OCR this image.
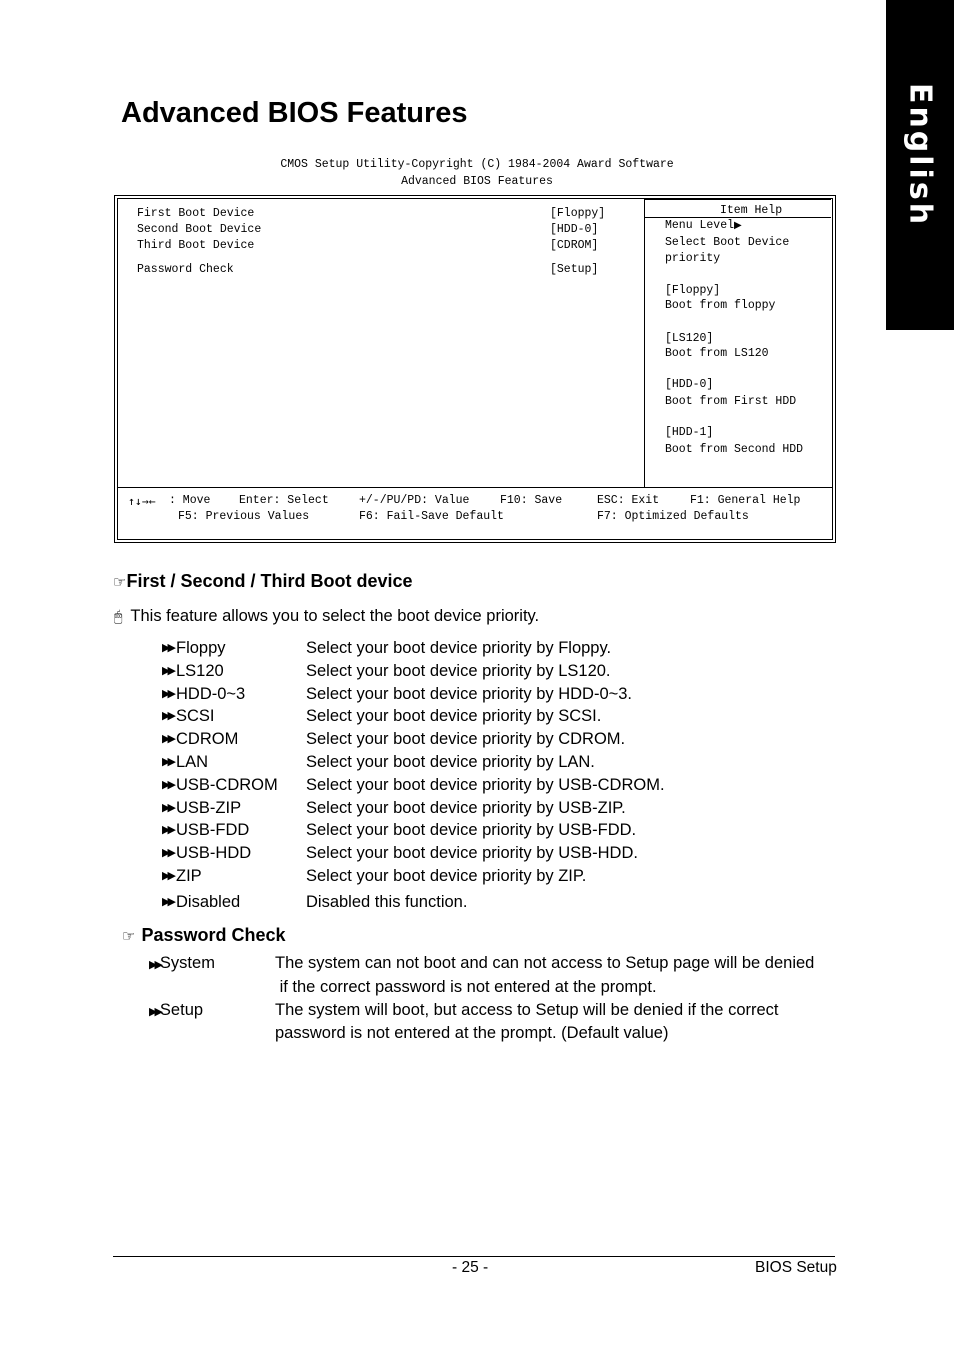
English
Advanced BIOS Features
CMOS Setup Utility-Copyright (C) 1984-2004 Award Software
Advanced BIOS Features
First Boot Device	[Floppy]
Second Boot Device	[HDD-0]
Third Boot Device	[CDROM]
Password Check	[Setup]
Item Help
Menu Level▶
Select Boot Device
priority
[Floppy]
Boot from floppy
[LS120]
Boot from LS120
[HDD-0]
Boot from First HDD
[HDD-1]
Boot from Second HDD
↑↓→← : Move Enter: Select	+/-/PU/PD: Value	F10: Save	ESC: Exit	F1: General Help
F5: Previous Values	F6: Fail-Save Default	F7: Optimized Defaults
☞First / Second / Third Boot device
🖱 This feature allows you to select the boot device priority.
▶▶ Floppy	Select your boot device priority by Floppy.
▶▶ LS120	Select your boot device priority by LS120.
▶▶ HDD-0~3	Select your boot device priority by HDD-0~3.
▶▶ SCSI	Select your boot device priority by SCSI.
▶▶ CDROM	Select your boot device priority by CDROM.
▶▶ LAN	Select your boot device priority by LAN.
▶▶ USB-CDROM	Select your boot device priority by USB-CDROM.
▶▶ USB-ZIP	Select your boot device priority by USB-ZIP.
▶▶ USB-FDD	Select your boot device priority by USB-FDD.
▶▶ USB-HDD	Select your boot device priority by USB-HDD.
▶▶ ZIP	Select your boot device priority by ZIP.
▶▶ Disabled	Disabled this function.
☞ Password Check
▶▶System	The system can not boot and can not access to Setup page will be denied
if the correct password is not entered at the prompt.
▶▶Setup	The system will boot, but access to Setup will be denied if the correct
password is not entered at the prompt. (Default value)
- 25 -	BIOS Setup
